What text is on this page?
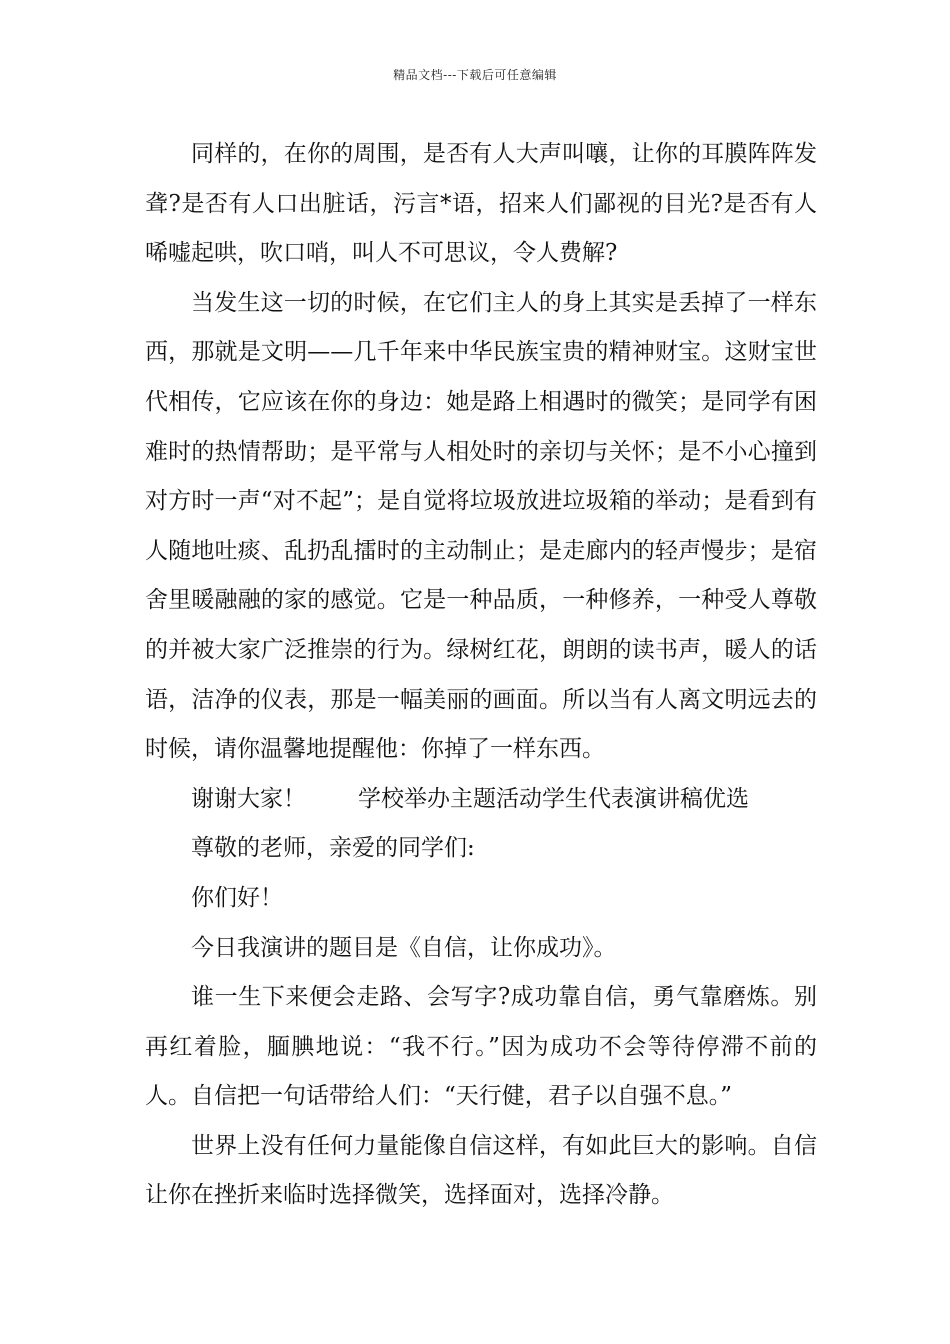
精品文档---下载后可任意编辑

同样的，在你的周围，是否有人大声叫嚷，让你的耳膜阵阵发聋?是否有人口出脏话，污言*语，招来人们鄙视的目光?是否有人唏嘘起哄，吹口哨，叫人不可思议，令人费解?

当发生这一切的时候，在它们主人的身上其实是丢掉了一样东西，那就是文明——几千年来中华民族宝贵的精神财宝。这财宝世代相传，它应该在你的身边：她是路上相遇时的微笑；是同学有困难时的热情帮助；是平常与人相处时的亲切与关怀；是不小心撞到对方时一声“对不起”；是自觉将垃圾放进垃圾箱的举动；是看到有人随地吐痰、乱扔乱擂时的主动制止；是走廊内的轻声慢步；是宿舍里暖融融的家的感觉。它是一种品质，一种修养，一种受人尊敬的并被大家广泛推崇的行为。绿树红花，朗朗的读书声，暖人的话语，洁净的仪表，那是一幅美丽的画面。所以当有人离文明远去的时候，请你温馨地提醒他：你掉了一样东西。

谢谢大家！ 学校举办主题活动学生代表演讲稿优选

尊敬的老师，亲爱的同学们:

你们好！

今日我演讲的题目是《自信，让你成功》。

谁一生下来便会走路、会写字?成功靠自信，勇气靠磨炼。别再红着脸，腼腆地说：“我不行。”因为成功不会等待停滞不前的人。自信把一句话带给人们：“天行健，君子以自强不息。”

世界上没有任何力量能像自信这样，有如此巨大的影响。自信让你在挫折来临时选择微笑，选择面对，选择冷静。
